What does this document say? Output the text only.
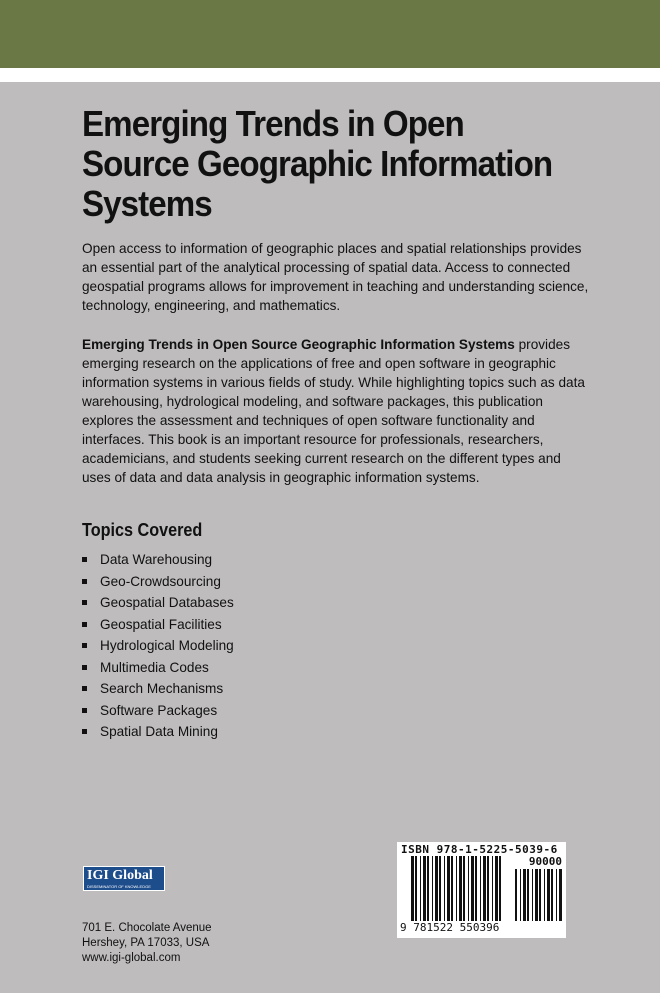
Emerging Trends in Open Source Geographic Information Systems
Open access to information of geographic places and spatial relationships provides an essential part of the analytical processing of spatial data. Access to connected geospatial programs allows for improvement in teaching and understanding science, technology, engineering, and mathematics.
Emerging Trends in Open Source Geographic Information Systems provides emerging research on the applications of free and open software in geographic information systems in various fields of study. While highlighting topics such as data warehousing, hydrological modeling, and software packages, this publication explores the assessment and techniques of open software functionality and interfaces. This book is an important resource for professionals, researchers, academicians, and students seeking current research on the different types and uses of data and data analysis in geographic information systems.
Topics Covered
Data Warehousing
Geo-Crowdsourcing
Geospatial Databases
Geospatial Facilities
Hydrological Modeling
Multimedia Codes
Search Mechanisms
Software Packages
Spatial Data Mining
IGI Global
DISSEMINATOR OF KNOWLEDGE
701 E. Chocolate Avenue
Hershey, PA 17033, USA
www.igi-global.com
ISBN 978-1-5225-5039-6
90000
9 781522 550396
